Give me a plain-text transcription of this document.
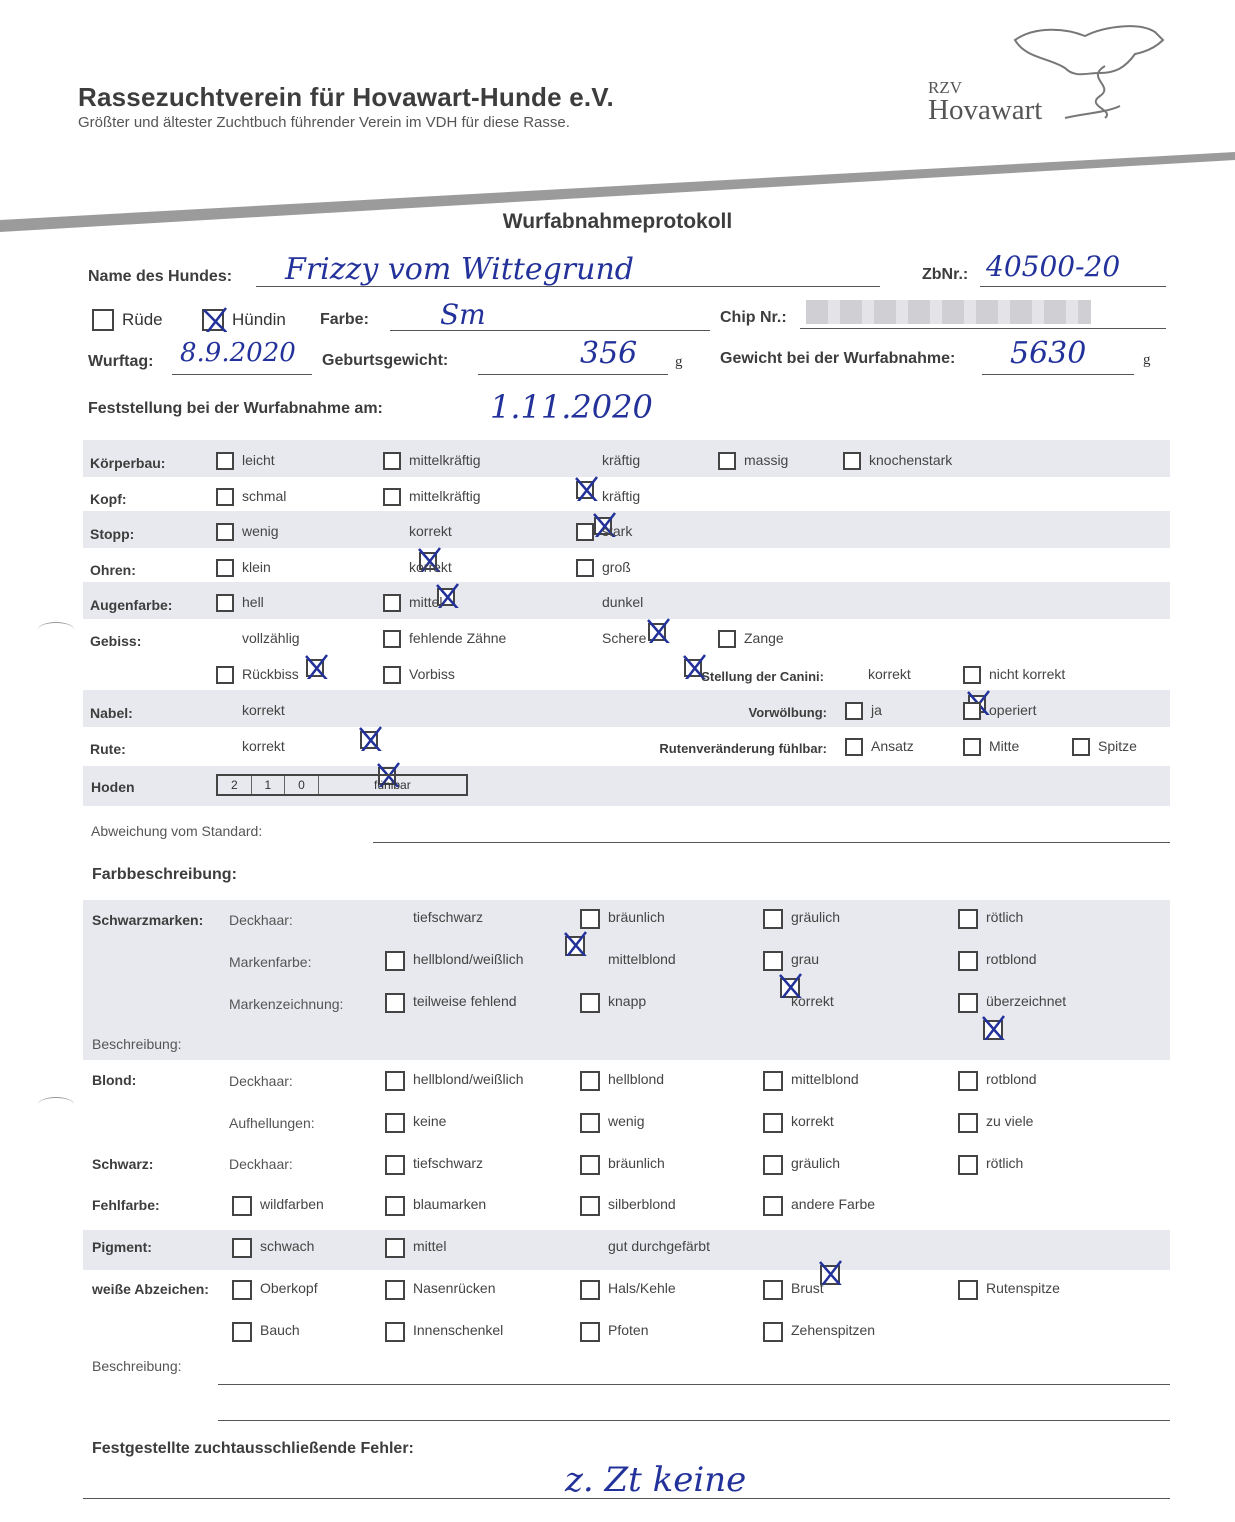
Rassezuchtverein für Hovawart-Hunde e.V.
Größter und ältester Zuchtbuch führender Verein im VDH für diese Rasse.
RZV
Hovawart
Wurfabnahmeprotokoll
Name des Hundes: Frizzy vom Wittegrund	ZbNr.: 40500-20
Rüde	Hündin Farbe:	Sm	Chip Nr.:
Wurftag: 8.9.2020 Geburtsgewicht:	356	g Gewicht bei der Wurfabnahme: 5630	g
Feststellung bei der Wurfabnahme am:	1.11.2020
Körperbau:	leicht	mittelkräftig	kräftig	massig	knochenstark
Kopf:	schmal	mittelkräftig	kräftig
Stopp:	wenig	korrekt	stark
Ohren:	klein	korrekt	groß
Augenfarbe:	hell	mittel	dunkel
Gebiss:	vollzählig	fehlende Zähne	Schere	Zange
Rückbiss	Vorbiss	Stellung der Canini:	korrekt	nicht korrekt
Nabel:	korrekt	Vorwölbung:	ja	operiert
Rute:	korrekt	Rutenveränderung fühlbar:	Ansatz	Mitte	Spitze
Hoden	2	1	0	fühlbar
Abweichung vom Standard:
Farbbeschreibung:
Schwarzmarken: Deckhaar:	tiefschwarz	bräunlich	gräulich	rötlich
Markenfarbe:	hellblond/weißlich	mittelblond	grau	rotblond
Markenzeichnung:	teilweise fehlend	knapp	korrekt	überzeichnet
Beschreibung:
Blond:	Deckhaar:	hellblond/weißlich	hellblond	mittelblond	rotblond
Aufhellungen:	keine	wenig	korrekt	zu viele
Schwarz:	Deckhaar:	tiefschwarz	bräunlich	gräulich	rötlich
Fehlfarbe:	wildfarben	blaumarken	silberblond	andere Farbe
Pigment:	schwach	mittel	gut durchgefärbt
weiße Abzeichen:	Oberkopf	Nasenrücken	Hals/Kehle	Brust	Rutenspitze
Bauch	Innenschenkel	Pfoten	Zehenspitzen
Beschreibung:
Festgestellte zuchtausschließende Fehler:
z. Zt keine
